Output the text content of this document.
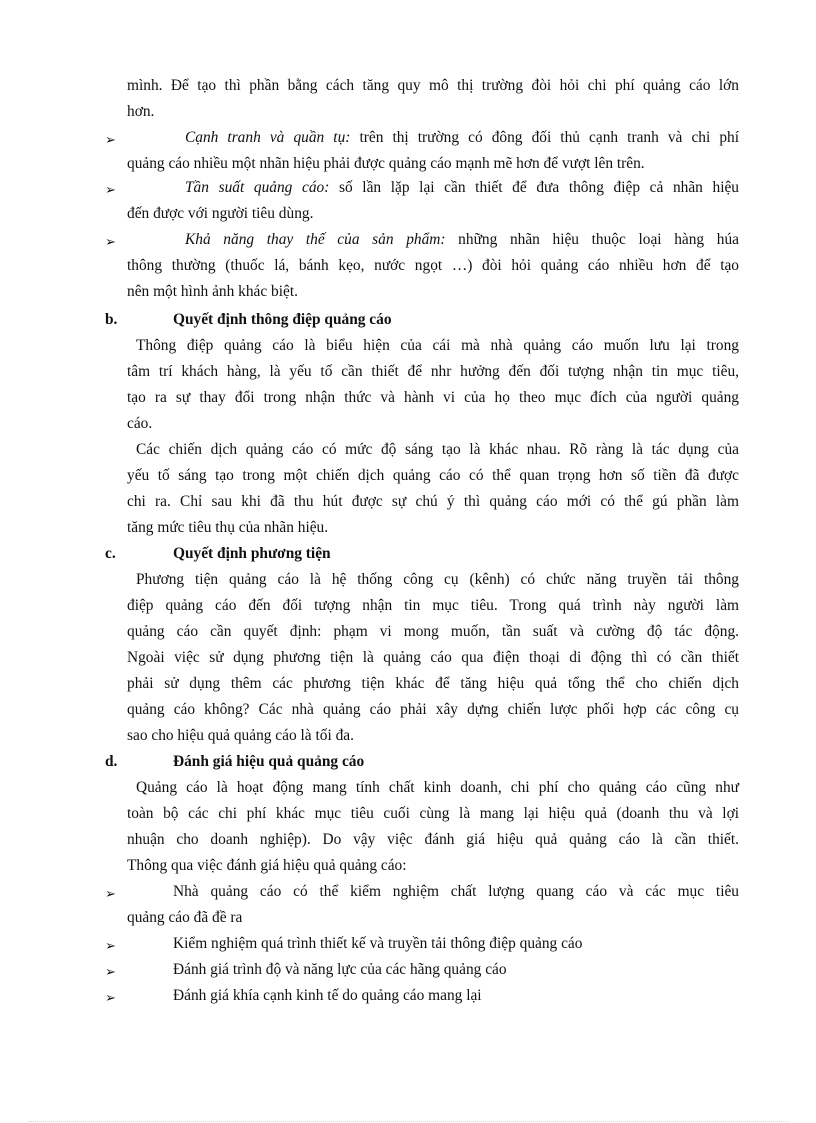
mình. Để tạo thì phần bằng cách tăng quy mô thị trường đòi hỏi chi phí quảng cáo lớn
hơn.
➢	Cạnh tranh và quần tụ: trên thị trường có đông đối thủ cạnh tranh và chi phí
quảng cáo nhiều một nhãn hiệu phải được quảng cáo mạnh mẽ hơn để vượt lên trên.
➢	Tần suất quảng cáo: số lần lặp lại cần thiết để đưa thông điệp cả nhãn hiệu
đến được với người tiêu dùng.
➢	Khả năng thay thế của sản phẩm: những nhãn hiệu thuộc loại hàng húa
thông thường (thuốc lá, bánh kẹo, nước ngọt …) đòi hỏi quảng cáo nhiều hơn để tạo
nên một hình ảnh khác biệt.
b.	Quyết định thông điệp quảng cáo
Thông điệp quảng cáo là biểu hiện của cái mà nhà quảng cáo muốn lưu lại trong
tâm trí khách hàng, là yếu tố cần thiết để nhr hưởng đến đối tượng nhận tin mục tiêu,
tạo ra sự thay đổi trong nhận thức và hành vi của họ theo mục đích của người quảng
cáo.
Các chiến dịch quảng cáo có mức độ sáng tạo là khác nhau. Rõ ràng là tác dụng của
yếu tố sáng tạo trong một chiến dịch quảng cáo có thể quan trọng hơn số tiền đã được
chi ra. Chỉ sau khi đã thu hút được sự chú ý thì quảng cáo mới có thể gú phần làm
tăng mức tiêu thụ của nhãn hiệu.
c.	Quyết định phương tiện
Phương tiện quảng cáo là hệ thống công cụ (kênh) có chức năng truyền tải thông
điệp quảng cáo đến đối tượng nhận tin mục tiêu. Trong quá trình này người làm
quảng cáo cần quyết định: phạm vi mong muốn, tần suất và cường độ tác động.
Ngoài việc sử dụng phương tiện là quảng cáo qua điện thoại di động thì có cần thiết
phải sử dụng thêm các phương tiện khác để tăng hiệu quả tổng thể cho chiến dịch
quảng cáo không? Các nhà quảng cáo phải xây dựng chiến lược phối hợp các công cụ
sao cho hiệu quả quảng cáo là tối đa.
d.	Đánh giá hiệu quả quảng cáo
Quảng cáo là hoạt động mang tính chất kinh doanh, chi phí cho quảng cáo cũng như
toàn bộ các chi phí khác mục tiêu cuối cùng là mang lại hiệu quả (doanh thu và lợi
nhuận cho doanh nghiệp). Do vậy việc đánh giá hiệu quả quảng cáo là cần thiết.
Thông qua việc đánh giá hiệu quả quảng cáo:
➢	Nhà quảng cáo có thể kiểm nghiệm chất lượng quang cáo và các mục tiêu
quảng cáo đã đề ra
➢	Kiểm nghiệm quá trình thiết kế và truyền tải thông điệp quảng cáo
➢	Đánh giá trình độ và năng lực của các hãng quảng cáo
➢	Đánh giá khía cạnh kinh tế do quảng cáo mang lại
